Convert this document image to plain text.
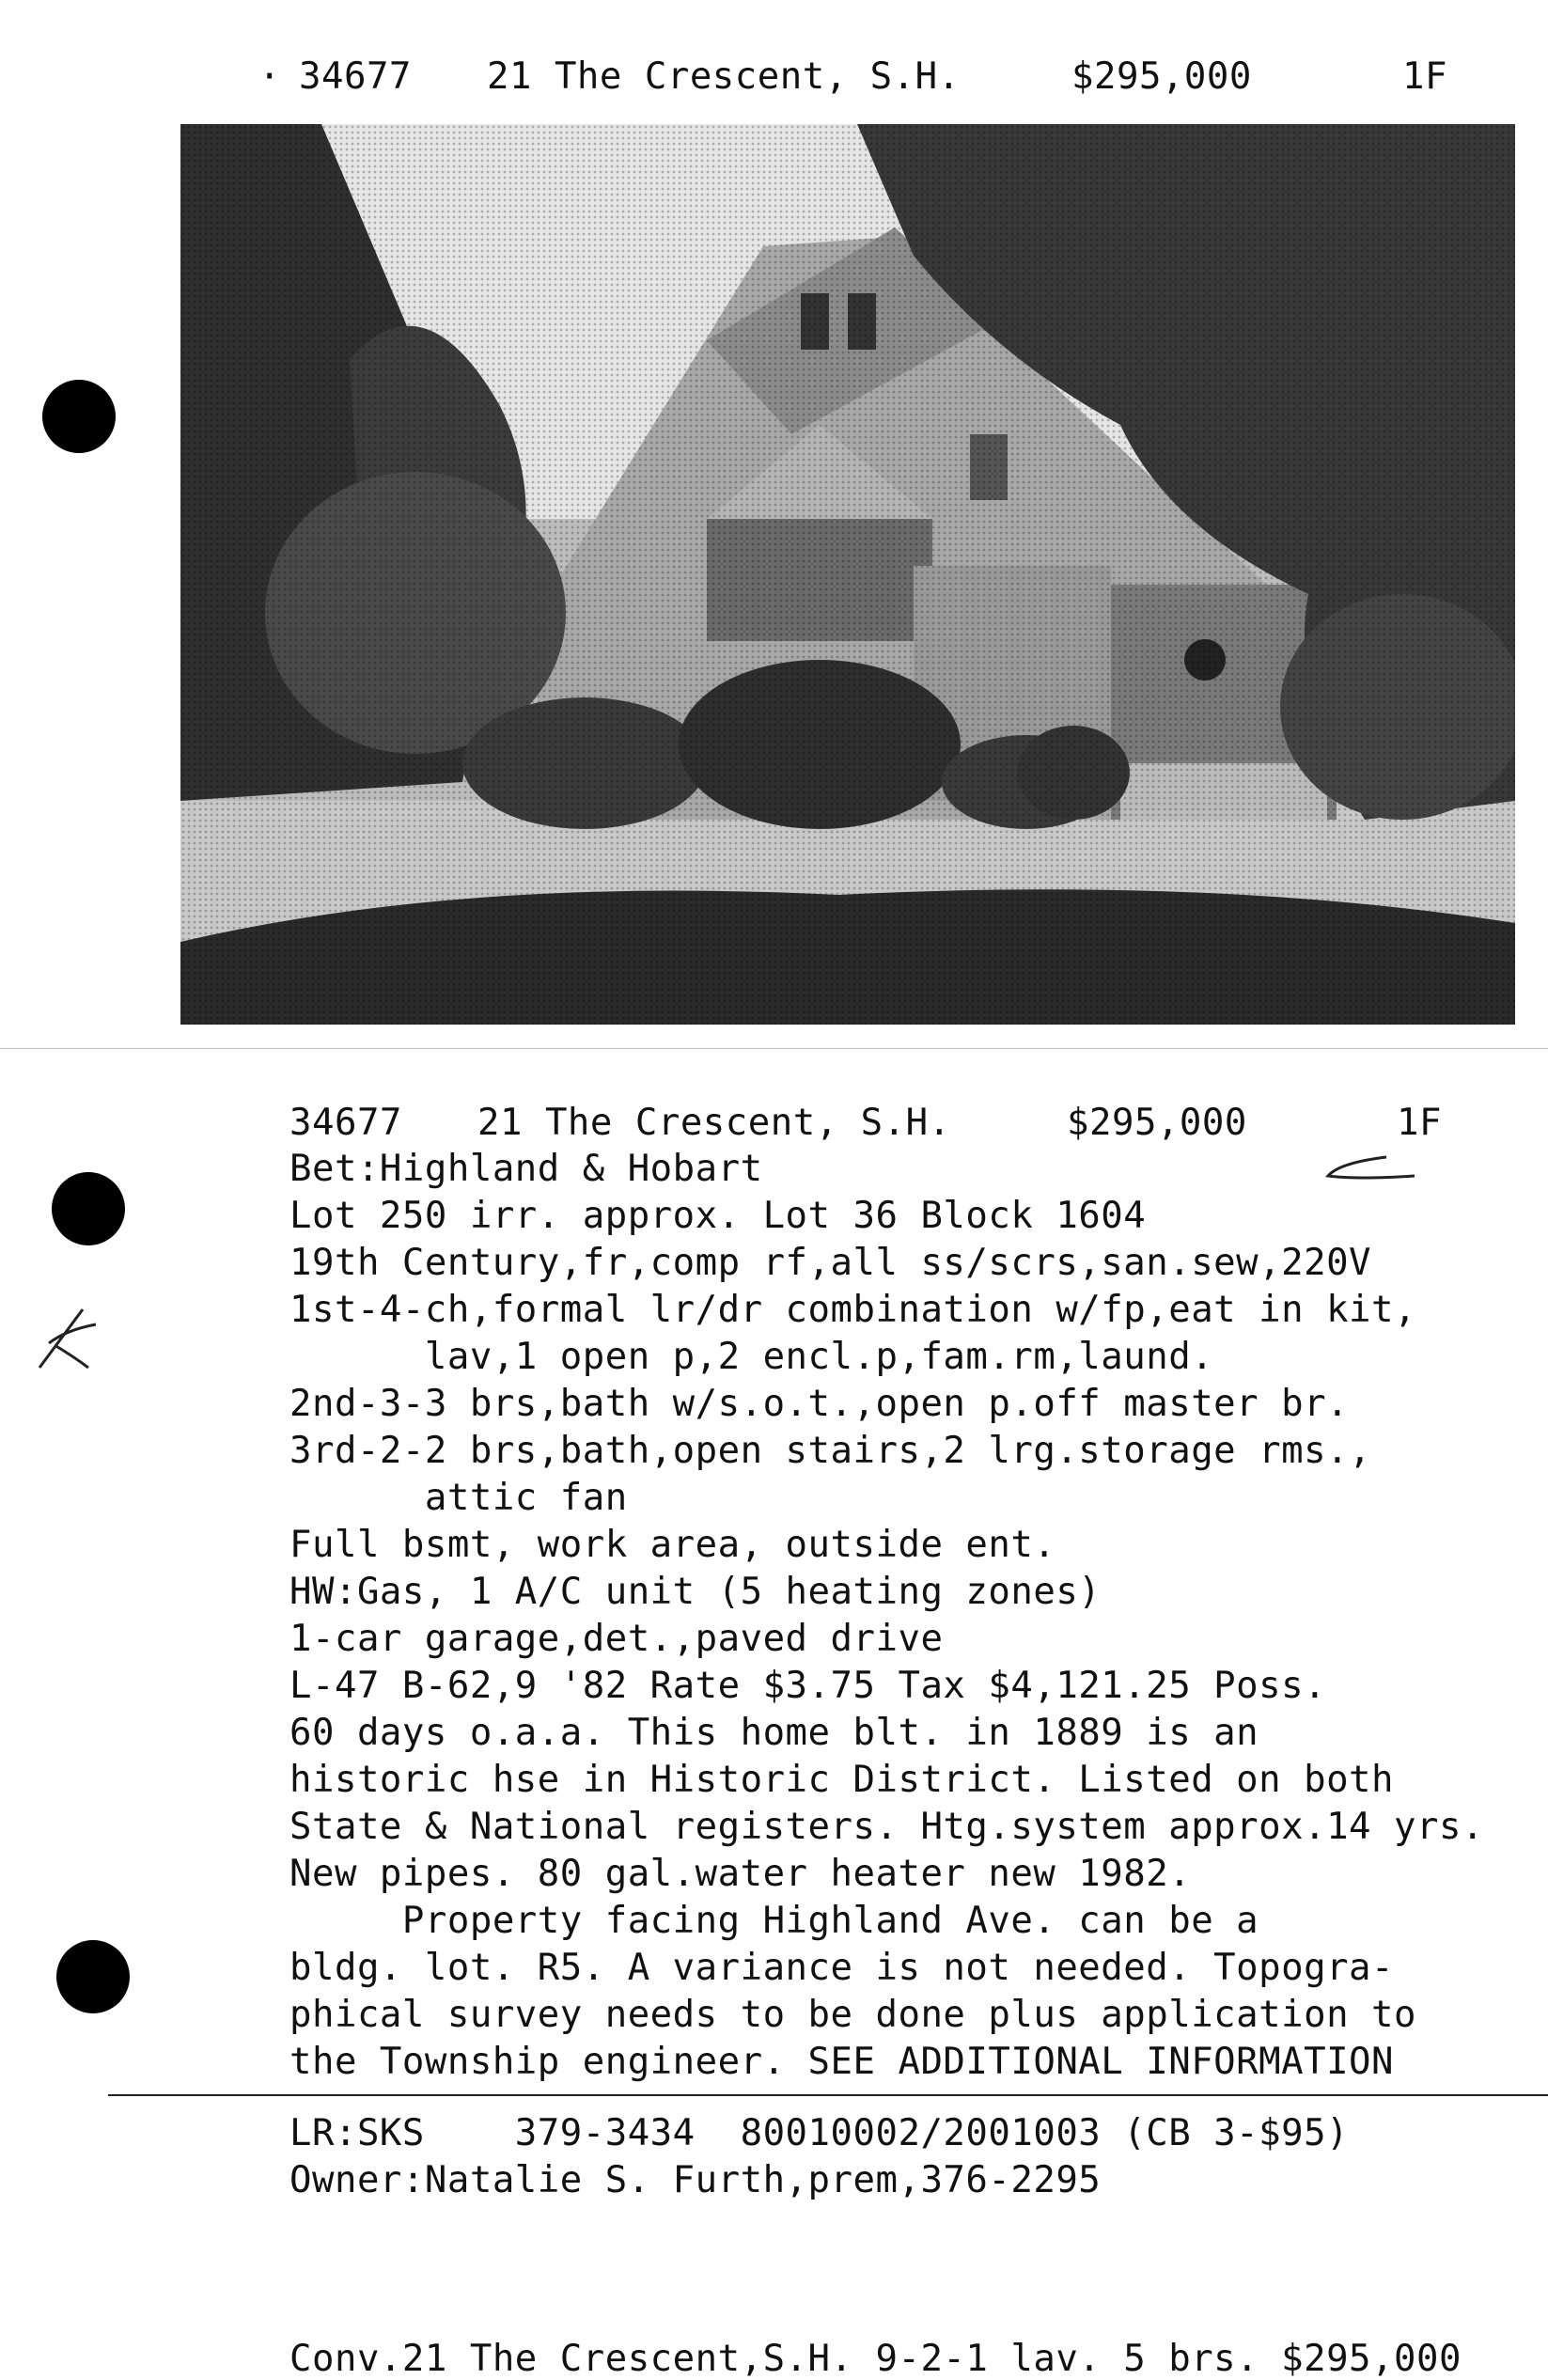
· 34677 21 The Crescent, S.H.	$295,000	1F
34677 21 The Crescent, S.H.	$295,000	1F
Bet:Highland & Hobart
Lot 250 irr. approx. Lot 36 Block 1604
19th Century,fr,comp rf,all ss/scrs,san.sew,220V
1st-4-ch,formal lr/dr combination w/fp,eat in kit,
lav,1 open p,2 encl.p,fam.rm,laund.
2nd-3-3 brs,bath w/s.o.t.,open p.off master br.
3rd-2-2 brs,bath,open stairs,2 lrg.storage rms.,
attic fan
Full bsmt, work area, outside ent.
HW:Gas, 1 A/C unit (5 heating zones)
1-car garage,det.,paved drive
L-47 B-62,9 '82 Rate $3.75 Tax $4,121.25 Poss.
60 days o.a.a. This home blt. in 1889 is an
historic hse in Historic District. Listed on both
State & National registers. Htg.system approx.14 yrs.
New pipes. 80 gal.water heater new 1982.
Property facing Highland Ave. can be a
bldg. lot. R5. A variance is not needed. Topogra-
phical survey needs to be done plus application to
the Township engineer. SEE ADDITIONAL INFORMATION
LR:SKS    379-3434  80010002/2001003 (CB 3-$95)
Owner:Natalie S. Furth,prem,376-2295
Conv.21 The Crescent,S.H. 9-2-1 lav. 5 brs. $295,000
